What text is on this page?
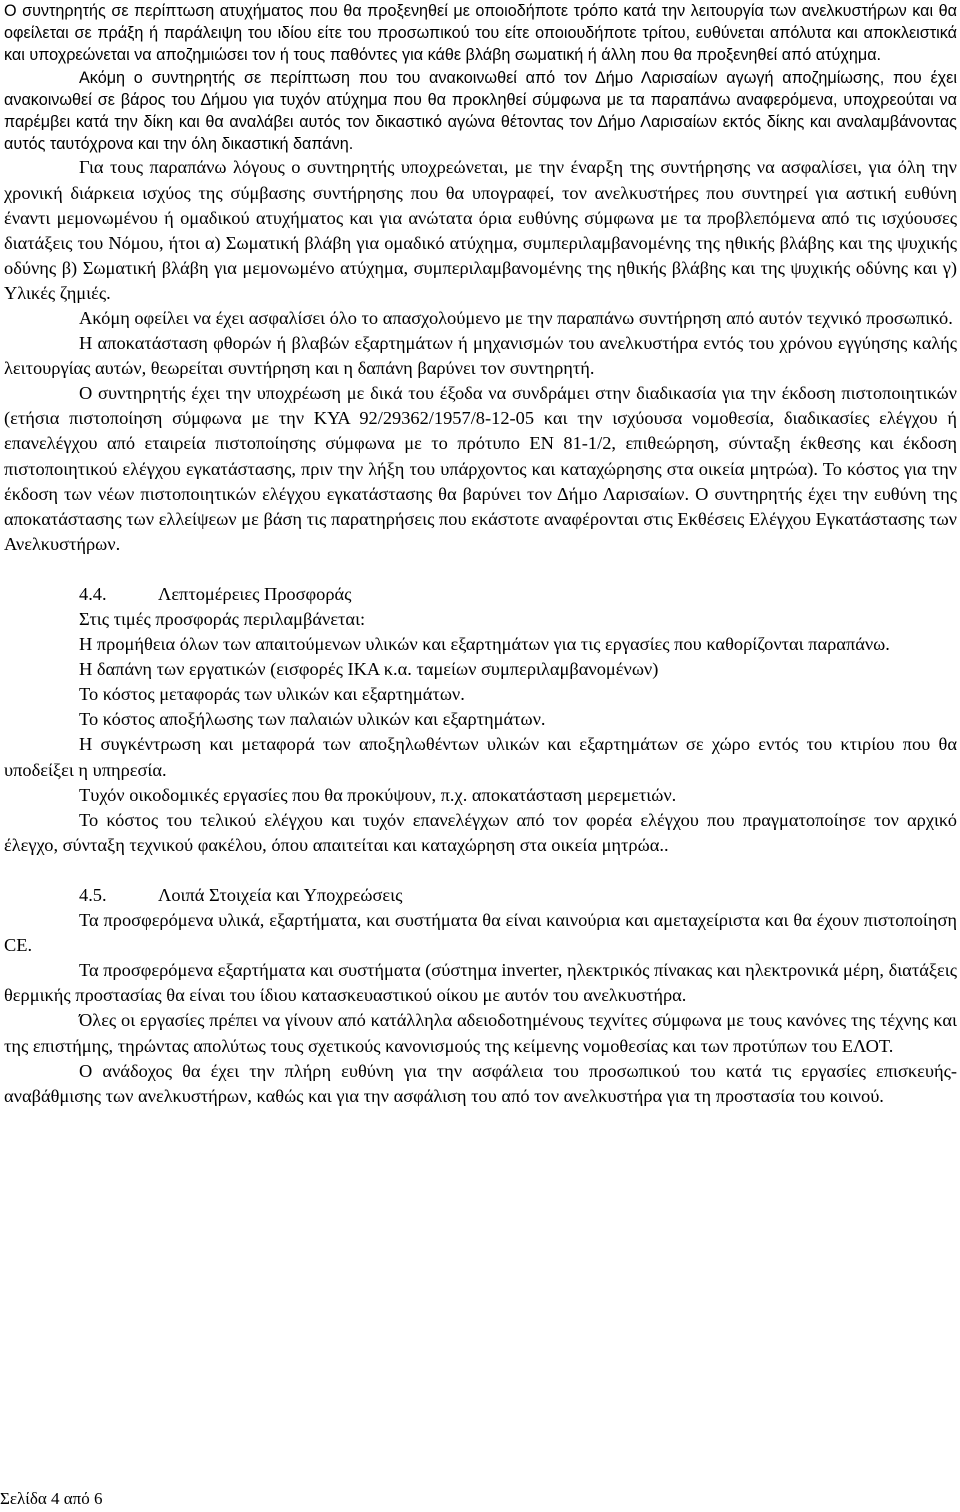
Ο συντηρητής σε περίπτωση ατυχήματος που θα προξενηθεί με οποιοδήποτε τρόπο κατά την λειτουργία των ανελκυστήρων και θα οφείλεται σε πράξη ή παράλειψη του ιδίου είτε του προσωπικού του είτε οποιουδήποτε τρίτου, ευθύνεται απόλυτα και αποκλειστικά και υποχρεώνεται να αποζημιώσει τον ή τους παθόντες για κάθε βλάβη σωματική ή άλλη που θα προξενηθεί από ατύχημα.

Ακόμη ο συντηρητής σε περίπτωση που του ανακοινωθεί από τον Δήμο Λαρισαίων αγωγή αποζημίωσης, που έχει ανακοινωθεί σε βάρος του Δήμου για τυχόν ατύχημα που θα προκληθεί σύμφωνα με τα παραπάνω αναφερόμενα, υποχρεούται να παρέμβει κατά την δίκη και θα αναλάβει αυτός τον δικαστικό αγώνα θέτοντας τον Δήμο Λαρισαίων εκτός δίκης και αναλαμβάνοντας αυτός ταυτόχρονα και την όλη δικαστική δαπάνη.

Για τους παραπάνω λόγους ο συντηρητής υποχρεώνεται, με την έναρξη της συντήρησης να ασφαλίσει, για όλη την χρονική διάρκεια ισχύος της σύμβασης συντήρησης που θα υπογραφεί, τον ανελκυστήρες που συντηρεί για αστική ευθύνη έναντι μεμονωμένου ή ομαδικού ατυχήματος και για ανώτατα όρια ευθύνης σύμφωνα με τα προβλεπόμενα από τις ισχύουσες διατάξεις του Νόμου, ήτοι α) Σωματική βλάβη για ομαδικό ατύχημα, συμπεριλαμβανομένης της ηθικής βλάβης και της ψυχικής οδύνης β) Σωματική βλάβη για μεμονωμένο ατύχημα, συμπεριλαμβανομένης της ηθικής βλάβης και της ψυχικής οδύνης και γ) Υλικές ζημιές.

Ακόμη οφείλει να έχει ασφαλίσει όλο το απασχολούμενο με την παραπάνω συντήρηση από αυτόν τεχνικό προσωπικό.

Η αποκατάσταση φθορών ή βλαβών εξαρτημάτων ή μηχανισμών του ανελκυστήρα εντός του χρόνου εγγύησης καλής λειτουργίας αυτών, θεωρείται συντήρηση και η δαπάνη βαρύνει τον συντηρητή.

Ο συντηρητής έχει την υποχρέωση με δικά του έξοδα να συνδράμει στην διαδικασία για την έκδοση πιστοποιητικών (ετήσια πιστοποίηση σύμφωνα με την ΚΥΑ 92/29362/1957/8-12-05 και την ισχύουσα νομοθεσία, διαδικασίες ελέγχου ή επανελέγχου από εταιρεία πιστοποίησης σύμφωνα με το πρότυπο ΕΝ 81-1/2, επιθεώρηση, σύνταξη έκθεσης και έκδοση πιστοποιητικού ελέγχου εγκατάστασης, πριν την λήξη του υπάρχοντος και καταχώρησης στα οικεία μητρώα). Το κόστος για την έκδοση των νέων πιστοποιητικών ελέγχου εγκατάστασης θα βαρύνει τον Δήμο Λαρισαίων. Ο συντηρητής έχει την ευθύνη της αποκατάστασης των ελλείψεων με βάση τις παρατηρήσεις που εκάστοτε αναφέρονται στις Εκθέσεις Ελέγχου Εγκατάστασης των Ανελκυστήρων.

4.4.	Λεπτομέρειες Προσφοράς

Στις τιμές προσφοράς περιλαμβάνεται:

Η προμήθεια όλων των απαιτούμενων υλικών και εξαρτημάτων για τις εργασίες που καθορίζονται παραπάνω.

Η δαπάνη των εργατικών (εισφορές ΙΚΑ κ.α. ταμείων συμπεριλαμβανομένων)

Το κόστος μεταφοράς των υλικών και εξαρτημάτων.

Το κόστος αποξήλωσης των παλαιών υλικών και εξαρτημάτων.

Η συγκέντρωση και μεταφορά των αποξηλωθέντων υλικών και εξαρτημάτων σε χώρο εντός του κτιρίου που θα υποδείξει η υπηρεσία.

Τυχόν οικοδομικές εργασίες που θα προκύψουν, π.χ. αποκατάσταση μερεμετιών.

Το κόστος του τελικού ελέγχου και τυχόν επανελέγχων από τον φορέα ελέγχου που πραγματοποίησε τον αρχικό έλεγχο, σύνταξη τεχνικού φακέλου, όπου απαιτείται και καταχώρηση στα οικεία μητρώα..

4.5.	Λοιπά Στοιχεία και Υποχρεώσεις

Τα προσφερόμενα υλικά, εξαρτήματα, και συστήματα θα είναι καινούρια και αμεταχείριστα και θα έχουν πιστοποίηση CE.

Τα προσφερόμενα εξαρτήματα και συστήματα (σύστημα inverter, ηλεκτρικός πίνακας και ηλεκτρονικά μέρη, διατάξεις θερμικής προστασίας θα είναι του ίδιου κατασκευαστικού οίκου με αυτόν του ανελκυστήρα.

Όλες οι εργασίες πρέπει να γίνουν από κατάλληλα αδειοδοτημένους τεχνίτες σύμφωνα με τους κανόνες της τέχνης και της επιστήμης, τηρώντας απολύτως τους σχετικούς κανονισμούς της κείμενης νομοθεσίας και των προτύπων του ΕΛΟΤ.

Ο ανάδοχος θα έχει την πλήρη ευθύνη για την ασφάλεια του προσωπικού του κατά τις εργασίες επισκευής-αναβάθμισης των ανελκυστήρων, καθώς και για την ασφάλιση του από τον ανελκυστήρα για τη προστασία του κοινού.

Σελίδα 4 από 6
